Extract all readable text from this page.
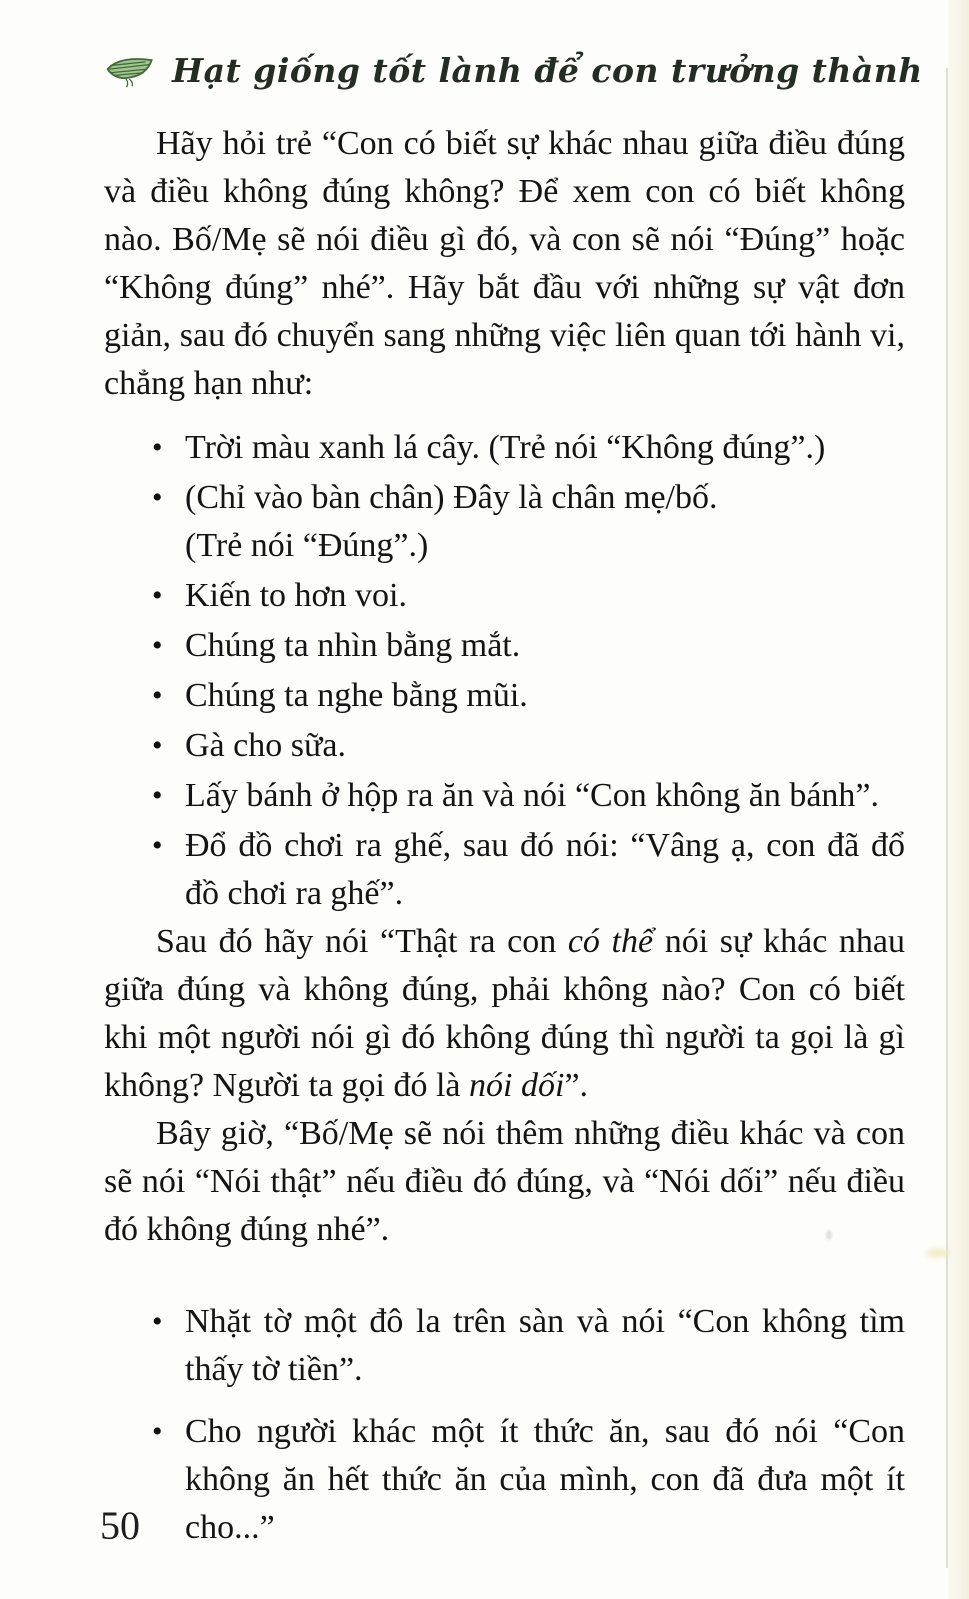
Hạt giống tốt lành để con trưởng thành

Hãy hỏi trẻ “Con có biết sự khác nhau giữa điều đúng và điều không đúng không? Để xem con có biết không nào. Bố/Mẹ sẽ nói điều gì đó, và con sẽ nói “Đúng” hoặc “Không đúng” nhé”. Hãy bắt đầu với những sự vật đơn giản, sau đó chuyển sang những việc liên quan tới hành vi, chẳng hạn như:

• Trời màu xanh lá cây. (Trẻ nói “Không đúng”.)
• (Chỉ vào bàn chân) Đây là chân mẹ/bố.
(Trẻ nói “Đúng”.)
• Kiến to hơn voi.
• Chúng ta nhìn bằng mắt.
• Chúng ta nghe bằng mũi.
• Gà cho sữa.
• Lấy bánh ở hộp ra ăn và nói “Con không ăn bánh”.
• Đổ đồ chơi ra ghế, sau đó nói: “Vâng ạ, con đã đổ đồ chơi ra ghế”.

Sau đó hãy nói “Thật ra con có thể nói sự khác nhau giữa đúng và không đúng, phải không nào? Con có biết khi một người nói gì đó không đúng thì người ta gọi là gì không? Người ta gọi đó là nói dối”.

Bây giờ, “Bố/Mẹ sẽ nói thêm những điều khác và con sẽ nói “Nói thật” nếu điều đó đúng, và “Nói dối” nếu điều đó không đúng nhé”.

• Nhặt tờ một đô la trên sàn và nói “Con không tìm thấy tờ tiền”.
• Cho người khác một ít thức ăn, sau đó nói “Con không ăn hết thức ăn của mình, con đã đưa một ít cho...”
50
